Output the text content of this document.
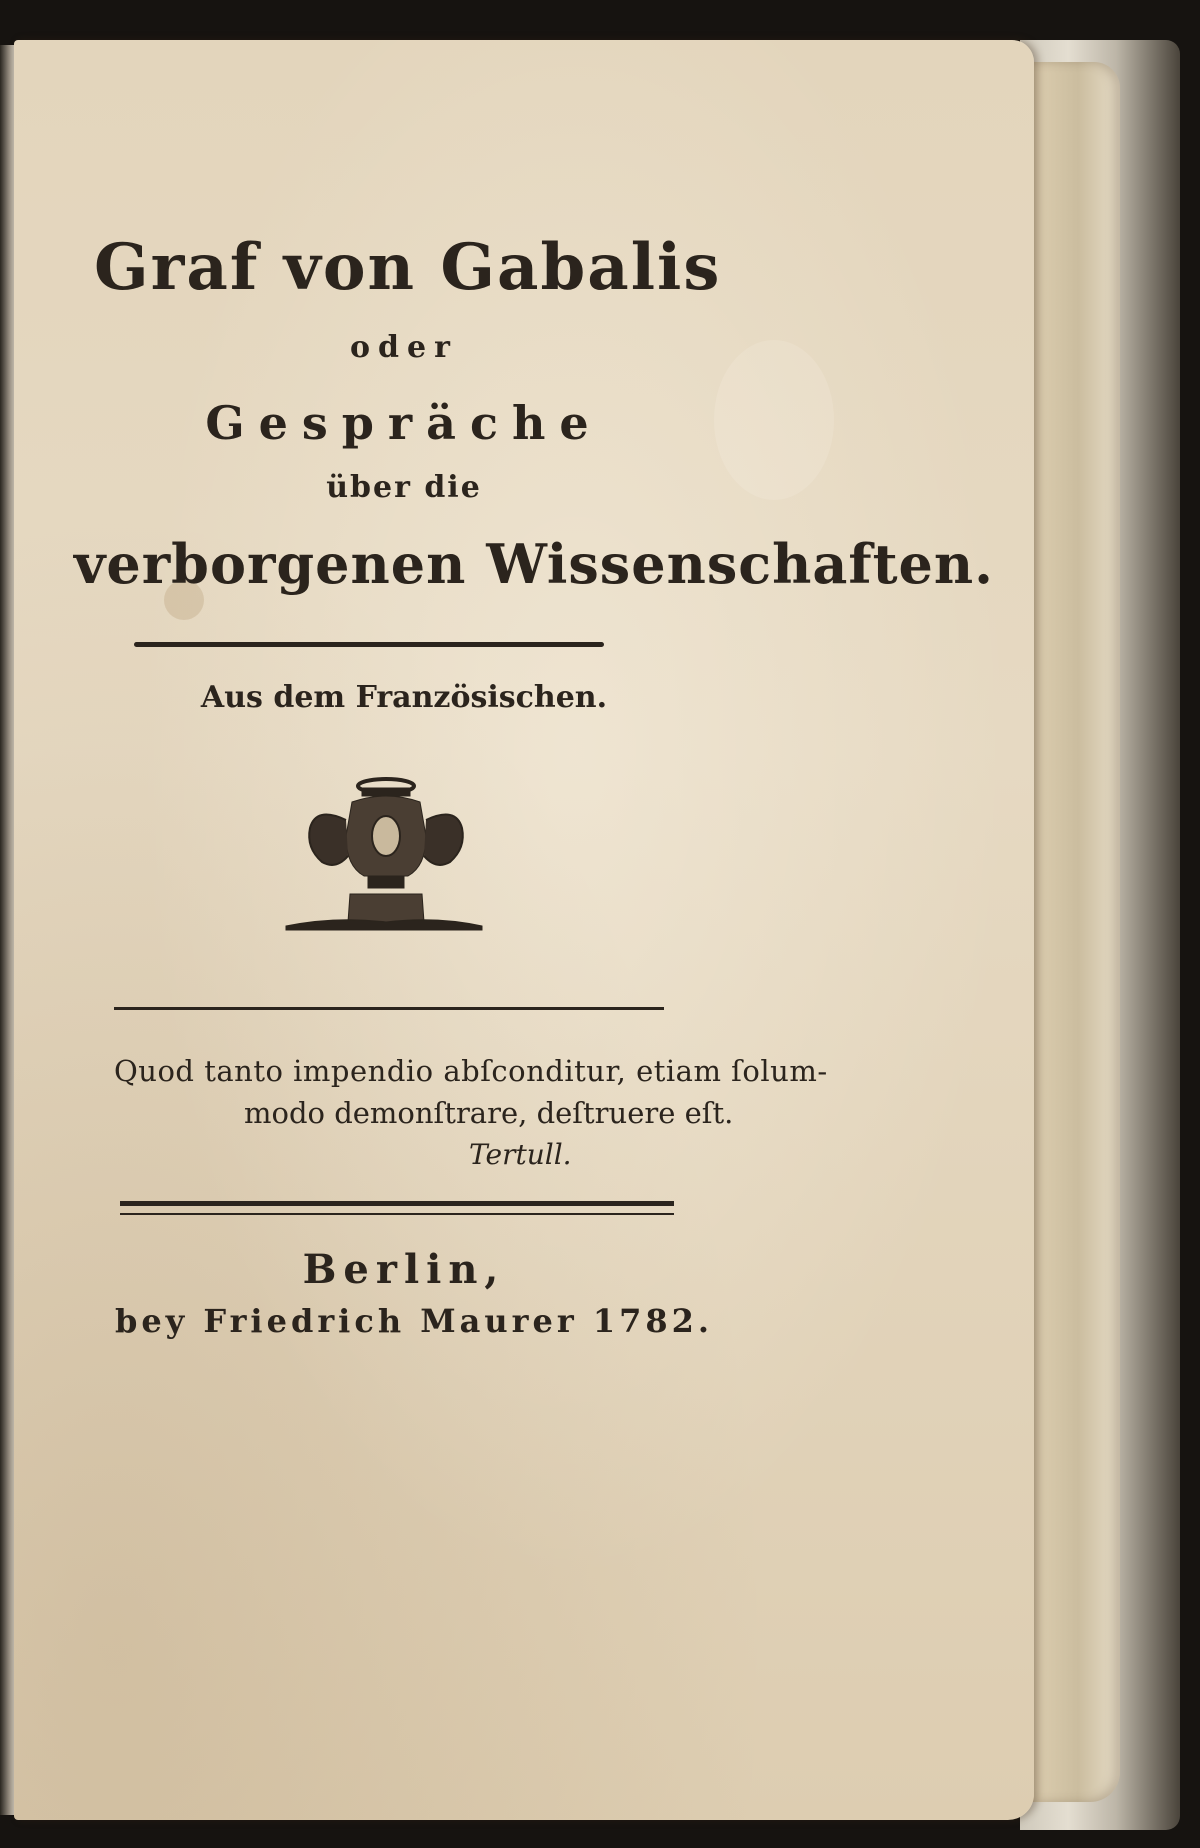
Graf von Gabalis
oder
Gespräche
über die
verborgenen Wissenschaften.
Aus dem Französischen.
Quod tanto impendio abſconditur, etiam ſolum-
modo demonſtrare, deſtruere eſt.
Tertull.
Berlin,
bey Friedrich Maurer 1782.
